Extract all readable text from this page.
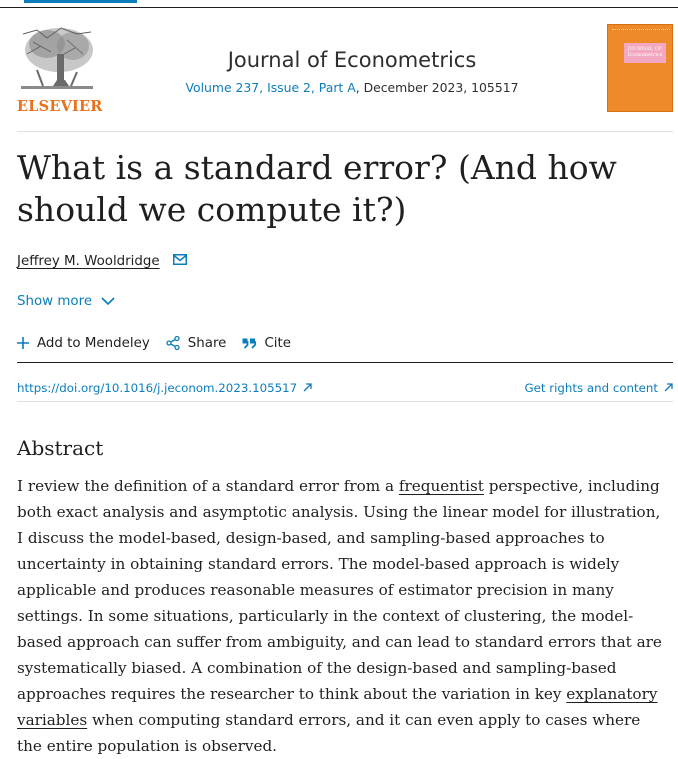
ELSEVIER
Journal of Econometrics
Volume 237, Issue 2, Part A, December 2023, 105517
JOURNAL OF Econometrics
What is a standard error? (And how should we compute it?)
Jeffrey M. Wooldridge
Show more
Add to Mendeley	Share	Cite
https://doi.org/10.1016/j.jeconom.2023.105517	Get rights and content
Abstract

I review the definition of a standard error from a frequentist perspective, including both exact analysis and asymptotic analysis. Using the linear model for illustration, I discuss the model-based, design-based, and sampling-based approaches to uncertainty in obtaining standard errors. The model-based approach is widely applicable and produces reasonable measures of estimator precision in many settings. In some situations, particularly in the context of clustering, the model-based approach can suffer from ambiguity, and can lead to standard errors that are systematically biased. A combination of the design-based and sampling-based approaches requires the researcher to think about the variation in key explanatory variables when computing standard errors, and it can even apply to cases where the entire population is observed.
